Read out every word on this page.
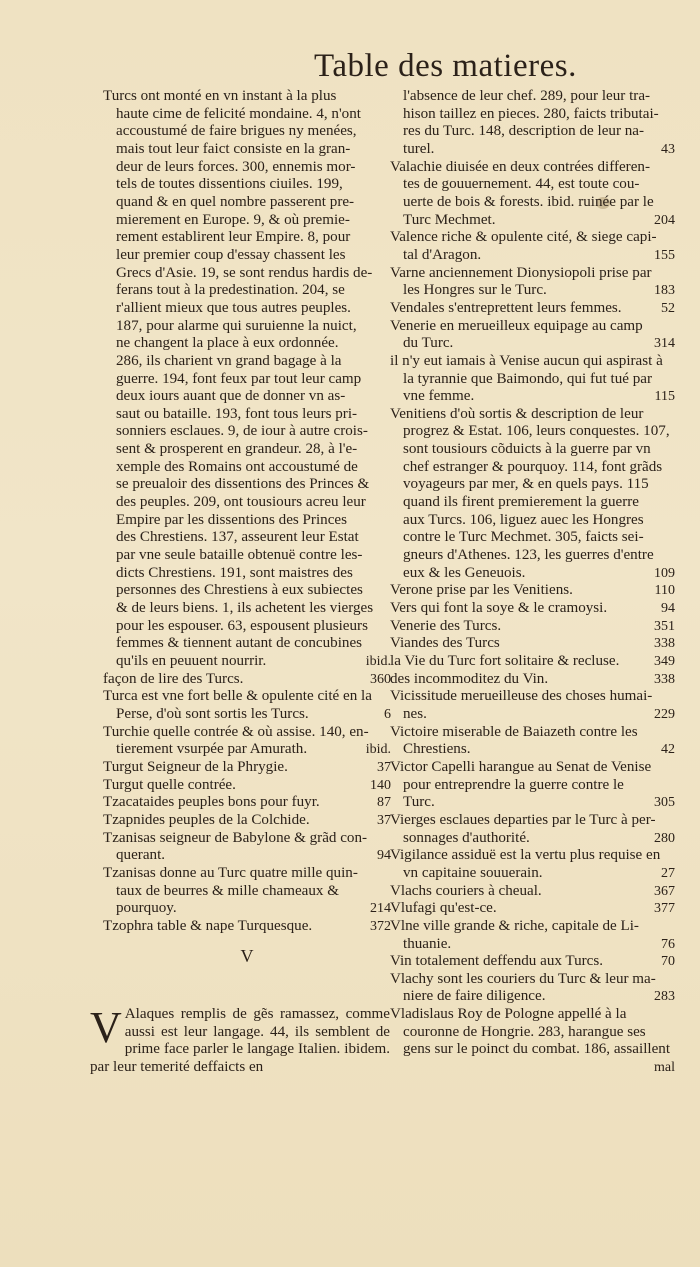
Table des matieres.
Turcs ont monté en vn instant à la plus
haute cime de felicité mondaine. 4, n'ont
accoustumé de faire brigues ny menées,
mais tout leur faict consiste en la gran-
deur de leurs forces. 300, ennemis mor-
tels de toutes dissentions ciuiles. 199,
quand & en quel nombre passerent pre-
mierement en Europe. 9, & où premie-
rement establirent leur Empire. 8, pour
leur premier coup d'essay chassent les
Grecs d'Asie. 19, se sont rendus hardis de-
ferans tout à la predestination. 204, se
r'allient mieux que tous autres peuples.
187, pour alarme qui suruienne la nuict,
ne changent la place à eux ordonnée.
286, ils charient vn grand bagage à la
guerre. 194, font feux par tout leur camp
deux iours auant que de donner vn as-
saut ou bataille. 193, font tous leurs pri-
sonniers esclaues. 9, de iour à autre crois-
sent & prosperent en grandeur. 28, à l'e-
xemple des Romains ont accoustumé de
se preualoir des dissentions des Princes &
des peuples. 209, ont tousiours acreu leur
Empire par les dissentions des Princes
des Chrestiens. 137, asseurent leur Estat
par vne seule bataille obtenuë contre les-
dicts Chrestiens. 191, sont maistres des
personnes des Chrestiens à eux subiectes
& de leurs biens. 1, ils achetent les vierges
pour les espouser. 63, espousent plusieurs
femmes & tiennent autant de concubines
ibid.
qu'ils en peuuent nourrir.
360
façon de lire des Turcs.
Turca est vne fort belle & opulente cité en la
6
Perse, d'où sont sortis les Turcs.
Turchie quelle contrée & où assise. 140, en-
ibid.
tierement vsurpée par Amurath.
37
Turgut Seigneur de la Phrygie.
140
Turgut quelle contrée.
87
Tzacataides peuples bons pour fuyr.
37
Tzapnides peuples de la Colchide.
Tzanisas seigneur de Babylone & grãd con-
94
querant.
Tzanisas donne au Turc quatre mille quin-
taux de beurres & mille chameaux &
214
pourquoy.
372
Tzophra table & nape Turquesque.
l'absence de leur chef. 289, pour leur tra-
hison taillez en pieces. 280, faicts tributai-
res du Turc. 148, description de leur na-
43
turel.
Valachie diuisée en deux contrées differen-
tes de gouuernement. 44, est toute cou-
uerte de bois & forests. ibid. ruinée par le
204
Turc Mechmet.
Valence riche & opulente cité, & siege capi-
155
tal d'Aragon.
Varne anciennement Dionysiopoli prise par
183
les Hongres sur le Turc.
52
Vendales s'entreprettent leurs femmes.
Venerie en merueilleux equipage au camp
314
du Turc.
il n'y eut iamais à Venise aucun qui aspirast à
la tyrannie que Baimondo, qui fut tué par
115
vne femme.
Venitiens d'où sortis & description de leur
progrez & Estat. 106, leurs conquestes. 107,
sont tousiours cõduicts à la guerre par vn
chef estranger & pourquoy. 114, font grãds
voyageurs par mer, & en quels pays. 115
quand ils firent premierement la guerre
aux Turcs. 106, liguez auec les Hongres
contre le Turc Mechmet. 305, faicts sei-
gneurs d'Athenes. 123, les guerres d'entre
109
eux & les Geneuois.
110
Verone prise par les Venitiens.
94
Vers qui font la soye & le cramoysi.
351
Venerie des Turcs.
338
Viandes des Turcs
349
la Vie du Turc fort solitaire & recluse.
338
des incommoditez du Vin.
Vicissitude merueilleuse des choses humai-
229
nes.
Victoire miserable de Baiazeth contre les
42
Chrestiens.
Victor Capelli harangue au Senat de Venise
pour entreprendre la guerre contre le
305
Turc.
Vierges esclaues departies par le Turc à per-
280
sonnages d'authorité.
Vigilance assiduë est la vertu plus requise en
27
vn capitaine souuerain.
367
Vlachs couriers à cheual.
377
Vlufagi qu'est-ce.
Vlne ville grande & riche, capitale de Li-
76
thuanie.
70
Vin totalement deffendu aux Turcs.
Vlachy sont les couriers du Turc & leur ma-
283
niere de faire diligence.
Vladislaus Roy de Pologne appellé à la
couronne de Hongrie. 283, harangue ses
gens sur le poinct du combat. 186, assaillent
mal
V
V Alaques remplis de gẽs ramassez, comme aussi est leur langage. 44, ils semblent de prime face parler le langage Italien. ibidem. par leur temerité deffaicts en
